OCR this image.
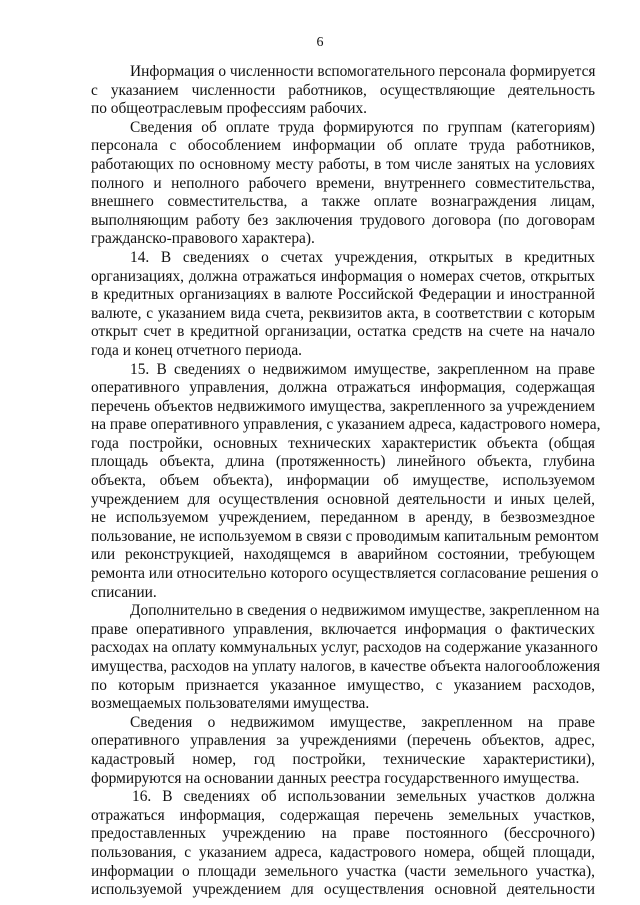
6
Информация о численности вспомогательного персонала формируется
с указанием численности работников, осуществляющие деятельность
по общеотраслевым профессиям рабочих.
Сведения об оплате труда формируются по группам (категориям)
персонала с обособлением информации об оплате труда работников,
работающих по основному месту работы, в том числе занятых на условиях
полного и неполного рабочего времени, внутреннего совместительства,
внешнего совместительства, а также оплате вознаграждения лицам,
выполняющим работу без заключения трудового договора (по договорам
гражданско-правового характера).
14. В сведениях о счетах учреждения, открытых в кредитных
организациях, должна отражаться информация о номерах счетов, открытых
в кредитных организациях в валюте Российской Федерации и иностранной
валюте, с указанием вида счета, реквизитов акта, в соответствии с которым
открыт счет в кредитной организации, остатка средств на счете на начало
года и конец отчетного периода.
15. В сведениях о недвижимом имуществе, закрепленном на праве
оперативного управления, должна отражаться информация, содержащая
перечень объектов недвижимого имущества, закрепленного за учреждением
на праве оперативного управления, с указанием адреса, кадастрового номера,
года постройки, основных технических характеристик объекта (общая
площадь объекта, длина (протяженность) линейного объекта, глубина
объекта, объем объекта), информации об имуществе, используемом
учреждением для осуществления основной деятельности и иных целей,
не используемом учреждением, переданном в аренду, в безвозмездное
пользование, не используемом в связи с проводимым капитальным ремонтом
или реконструкцией, находящемся в аварийном состоянии, требующем
ремонта или относительно которого осуществляется согласование решения о
списании.
Дополнительно в сведения о недвижимом имуществе, закрепленном на
праве оперативного управления, включается информация о фактических
расходах на оплату коммунальных услуг, расходов на содержание указанного
имущества, расходов на уплату налогов, в качестве объекта налогообложения
по которым признается указанное имущество, с указанием расходов,
возмещаемых пользователями имущества.
Сведения о недвижимом имуществе, закрепленном на праве
оперативного управления за учреждениями (перечень объектов, адрес,
кадастровый номер, год постройки, технические характеристики),
формируются на основании данных реестра государственного имущества.
16. В сведениях об использовании земельных участков должна
отражаться информация, содержащая перечень земельных участков,
предоставленных учреждению на праве постоянного (бессрочного)
пользования, с указанием адреса, кадастрового номера, общей площади,
информации о площади земельного участка (части земельного участка),
используемой учреждением для осуществления основной деятельности
